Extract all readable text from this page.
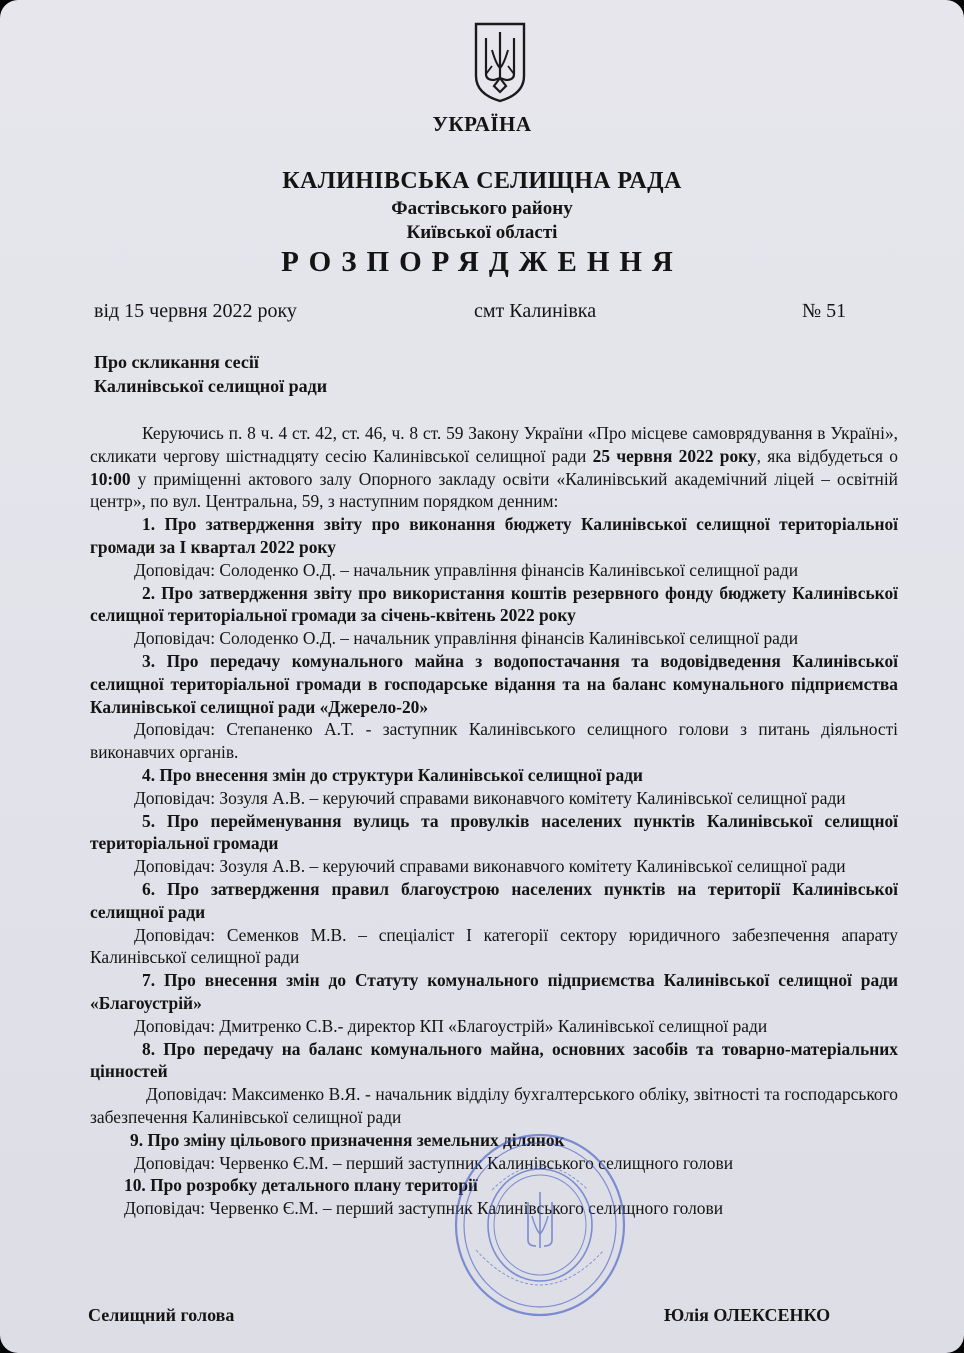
УКРАЇНА
КАЛИНІВСЬКА СЕЛИЩНА РАДА
Фастівського району
Київської області
РОЗПОРЯДЖЕННЯ
від 15 червня 2022 року	смт Калинівка	№ 51
Про скликання сесії
Калинівської селищної ради

Керуючись п. 8 ч. 4 ст. 42, ст. 46, ч. 8 ст. 59 Закону України «Про місцеве самоврядування в Україні», скликати чергову шістнадцяту сесію Калинівської селищної ради 25 червня 2022 року, яка відбудеться о 10:00 у приміщенні актового залу Опорного закладу освіти «Калинівський академічний ліцей – освітній центр», по вул. Центральна, 59, з наступним порядком денним:

1. Про затвердження звіту про виконання бюджету Калинівської селищної територіальної громади за І квартал 2022 року

Доповідач: Солоденко О.Д. – начальник управління фінансів Калинівської селищної ради

2. Про затвердження звіту про використання коштів резервного фонду бюджету Калинівської селищної територіальної громади за січень-квітень 2022 року

Доповідач: Солоденко О.Д. – начальник управління фінансів Калинівської селищної ради

3. Про передачу комунального майна з водопостачання та водовідведення Калинівської селищної територіальної громади в господарське відання та на баланс комунального підприємства Калинівської селищної ради «Джерело-20»

Доповідач: Степаненко А.Т. - заступник Калинівського селищного голови з питань діяльності виконавчих органів.

4. Про внесення змін до структури Калинівської селищної ради

Доповідач: Зозуля А.В. – керуючий справами виконавчого комітету Калинівської селищної ради

5. Про перейменування вулиць та провулків населених пунктів Калинівської селищної територіальної громади

Доповідач: Зозуля А.В. – керуючий справами виконавчого комітету Калинівської селищної ради

6. Про затвердження правил благоустрою населених пунктів на території Калинівської селищної ради

Доповідач: Семенков М.В. – спеціаліст І категорії сектору юридичного забезпечення апарату Калинівської селищної ради

7. Про внесення змін до Статуту комунального підприємства Калинівської селищної ради «Благоустрій»

Доповідач: Дмитренко С.В.- директор КП «Благоустрій» Калинівської селищної ради

8. Про передачу на баланс комунального майна, основних засобів та товарно-матеріальних цінностей

Доповідач: Максименко В.Я. - начальник відділу бухгалтерського обліку, звітності та господарського забезпечення Калинівської селищної ради

9. Про зміну цільового призначення земельних ділянок

Доповідач: Червенко Є.М. – перший заступник Калинівського селищного голови

10. Про розробку детального плану території

Доповідач: Червенко Є.М. – перший заступник Калинівського селищного голови

Селищний голова	Юлія ОЛЕКСЕНКО
